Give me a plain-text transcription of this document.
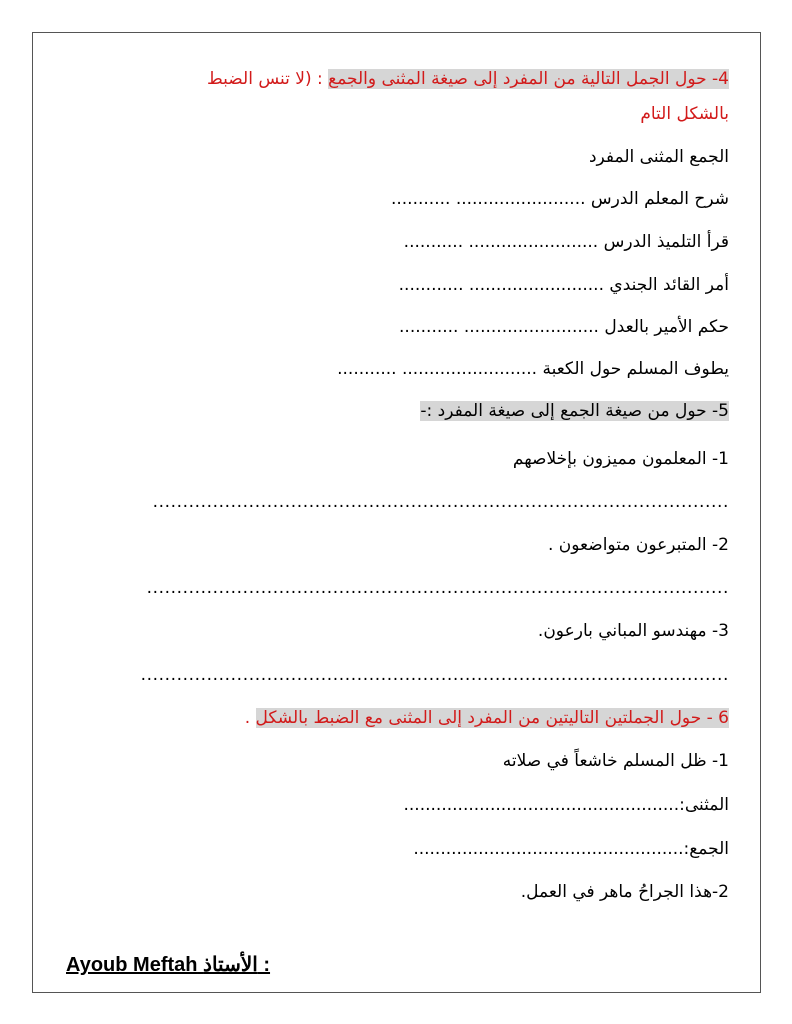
4- حول الجمل التالية من المفرد إلى صيغة المثنى والجمع : (لا تنس الضبط
بالشكل التام
الجمع المثنى المفرد
شرح المعلم الدرس ........................ ...........
قرأ التلميذ الدرس ........................ ...........
أمر القائد الجندي ......................... ............
حكم الأمير بالعدل ......................... ...........
يطوف المسلم حول الكعبة ......................... ...........
5- حول من صيغة الجمع إلى صيغة المفرد :-
1- المعلمون مميزون بإخلاصهم
................................................................................................
2- المتبرعون متواضعون .
.................................................................................................
3- مهندسو المباني بارعون.
..................................................................................................
6 - حول الجملتين التاليتين من المفرد إلى المثنى مع الضبط بالشكل .
1- ظل المسلم خاشعاً في صلاته
المثنى:...................................................
الجمع:..................................................
2-هذا الجراحُ ماهر في العمل.
Ayoub Meftah الأستاذ :
